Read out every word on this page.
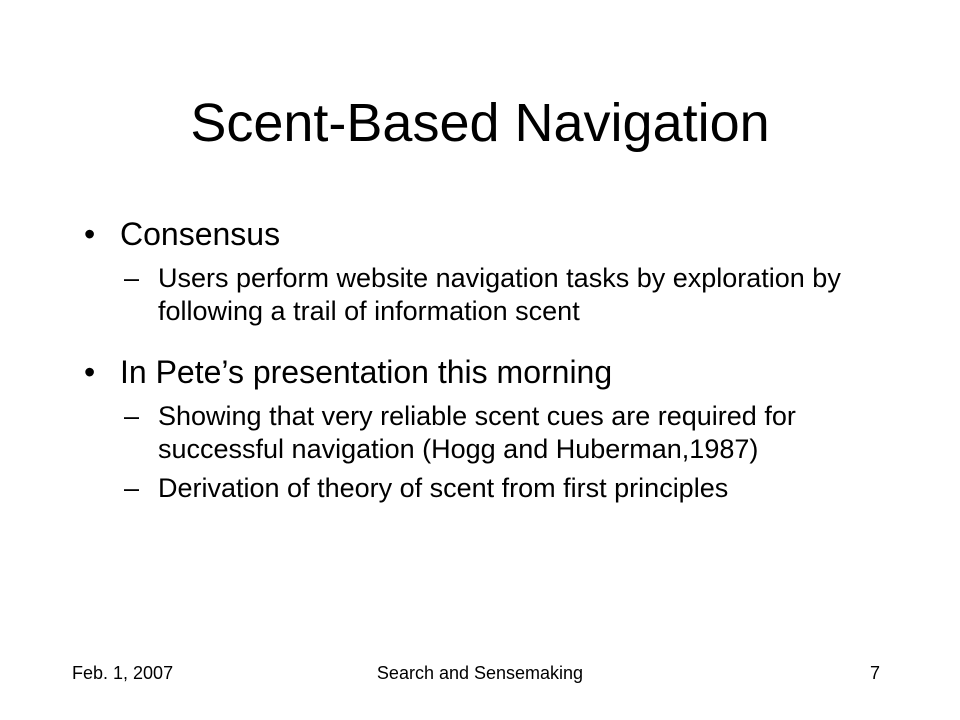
Scent-Based Navigation
• Consensus
– Users perform website navigation tasks by exploration by following a trail of information scent
• In Pete’s presentation this morning
– Showing that very reliable scent cues are required for successful navigation (Hogg and Huberman,1987)
– Derivation of theory of scent from first principles
Feb. 1, 2007	Search and Sensemaking	7
